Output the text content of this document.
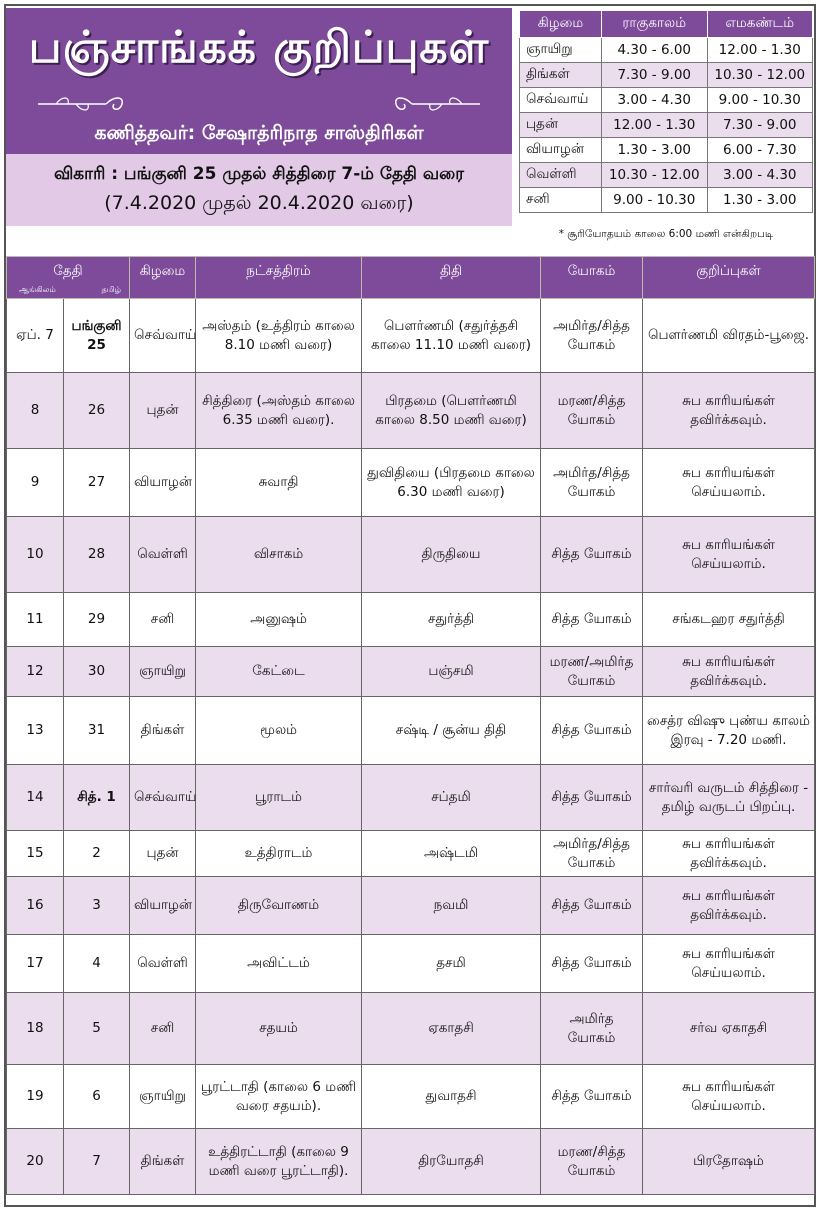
பஞ்சாங்கக் குறிப்புகள்
கணித்தவர்: சேஷாத்ரிநாத சாஸ்திரிகள்
விகாரி : பங்குனி 25 முதல் சித்திரை 7-ம் தேதி வரை
(7.4.2020 முதல் 20.4.2020 வரை)
கிழமை	ராகுகாலம்	எமகண்டம்
ஞாயிறு	4.30 - 6.00	12.00 - 1.30
திங்கள்	7.30 - 9.00	10.30 - 12.00
செவ்வாய்	3.00 - 4.30	9.00 - 10.30
புதன்	12.00 - 1.30	7.30 - 9.00
வியாழன்	1.30 - 3.00	6.00 - 7.30
வெள்ளி	10.30 - 12.00	3.00 - 4.30
சனி	9.00 - 10.30	1.30 - 3.00
* சூரியோதயம் காலை 6:00 மணி என்கிறபடி
தேதி
ஆங்கிலம் தமிழ்		கிழமை	நட்சத்திரம்	திதி	யோகம்	குறிப்புகள்
ஏப். 7	பங்குனி 25	செவ்வாய்	அஸ்தம் (உத்திரம் காலை 8.10 மணி வரை)	பௌர்ணமி (சதுர்த்தசி காலை 11.10 மணி வரை)	அமிர்த/சித்த யோகம்	பௌர்ணமி விரதம்-பூஜை.
8	26	புதன்	சித்திரை (அஸ்தம் காலை 6.35 மணி வரை).	பிரதமை (பௌர்ணமி காலை 8.50 மணி வரை)	மரண/சித்த யோகம்	சுப காரியங்கள் தவிர்க்கவும்.
9	27	வியாழன்	சுவாதி	துவிதியை (பிரதமை காலை 6.30 மணி வரை)	அமிர்த/சித்த யோகம்	சுப காரியங்கள் செய்யலாம்.
10	28	வெள்ளி	விசாகம்	திருதியை	சித்த யோகம்	சுப காரியங்கள் செய்யலாம்.
11	29	சனி	அனுஷம்	சதுர்த்தி	சித்த யோகம்	சங்கடஹர சதுர்த்தி
12	30	ஞாயிறு	கேட்டை	பஞ்சமி	மரண/அமிர்த யோகம்	சுப காரியங்கள் தவிர்க்கவும்.
13	31	திங்கள்	மூலம்	சஷ்டி / சூன்ய திதி	சித்த யோகம்	சைத்ர விஷு புண்ய காலம் இரவு - 7.20 மணி.
14	சித். 1	செவ்வாய்	பூராடம்	சப்தமி	சித்த யோகம்	சார்வரி வருடம் சித்திரை - தமிழ் வருடப் பிறப்பு.
15	2	புதன்	உத்திராடம்	அஷ்டமி	அமிர்த/சித்த யோகம்	சுப காரியங்கள் தவிர்க்கவும்.
16	3	வியாழன்	திருவோணம்	நவமி	சித்த யோகம்	சுப காரியங்கள் தவிர்க்கவும்.
17	4	வெள்ளி	அவிட்டம்	தசமி	சித்த யோகம்	சுப காரியங்கள் செய்யலாம்.
18	5	சனி	சதயம்	ஏகாதசி	அமிர்த யோகம்	சர்வ ஏகாதசி
19	6	ஞாயிறு	பூரட்டாதி (காலை 6 மணி வரை சதயம்).	துவாதசி	சித்த யோகம்	சுப காரியங்கள் செய்யலாம்.
20	7	திங்கள்	உத்திரட்டாதி (காலை 9 மணி வரை பூரட்டாதி).	திரயோதசி	மரண/சித்த யோகம்	பிரதோஷம்
